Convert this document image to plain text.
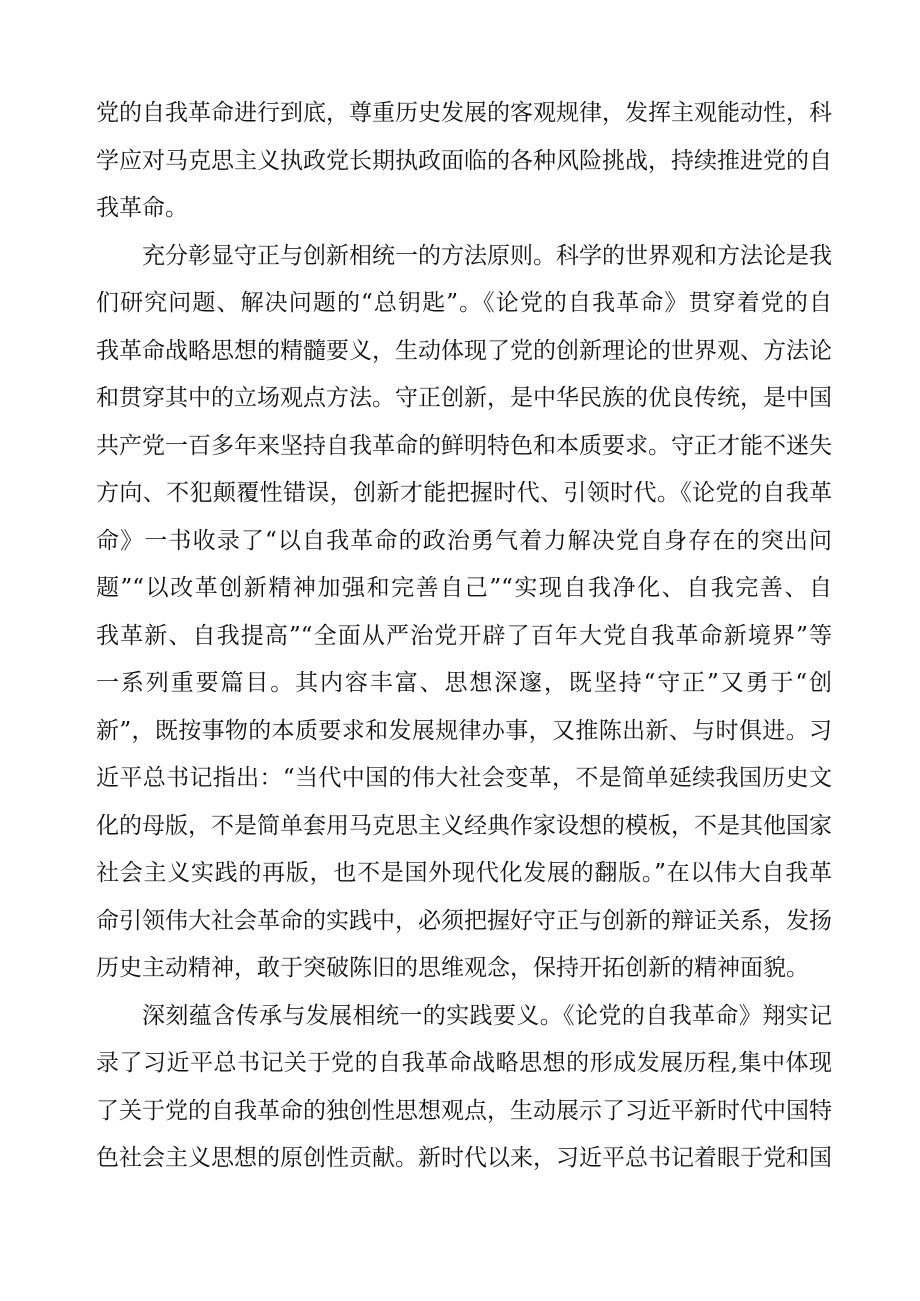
党的自我革命进行到底，尊重历史发展的客观规律，发挥主观能动性，科
学应对马克思主义执政党长期执政面临的各种风险挑战，持续推进党的自
我革命。
充分彰显守正与创新相统一的方法原则。科学的世界观和方法论是我
们研究问题、解决问题的“总钥匙”。《论党的自我革命》贯穿着党的自
我革命战略思想的精髓要义，生动体现了党的创新理论的世界观、方法论
和贯穿其中的立场观点方法。守正创新，是中华民族的优良传统，是中国
共产党一百多年来坚持自我革命的鲜明特色和本质要求。守正才能不迷失
方向、不犯颠覆性错误，创新才能把握时代、引领时代。《论党的自我革
命》一书收录了“以自我革命的政治勇气着力解决党自身存在的突出问
题”“以改革创新精神加强和完善自己”“实现自我净化、自我完善、自
我革新、自我提高”“全面从严治党开辟了百年大党自我革命新境界”等
一系列重要篇目。其内容丰富、思想深邃，既坚持“守正”又勇于“创
新”，既按事物的本质要求和发展规律办事，又推陈出新、与时俱进。习
近平总书记指出：“当代中国的伟大社会变革，不是简单延续我国历史文
化的母版，不是简单套用马克思主义经典作家设想的模板，不是其他国家
社会主义实践的再版，也不是国外现代化发展的翻版。”在以伟大自我革
命引领伟大社会革命的实践中，必须把握好守正与创新的辩证关系，发扬
历史主动精神，敢于突破陈旧的思维观念，保持开拓创新的精神面貌。
深刻蕴含传承与发展相统一的实践要义。《论党的自我革命》翔实记
录了习近平总书记关于党的自我革命战略思想的形成发展历程,集中体现
了关于党的自我革命的独创性思想观点，生动展示了习近平新时代中国特
色社会主义思想的原创性贡献。新时代以来，习近平总书记着眼于党和国
